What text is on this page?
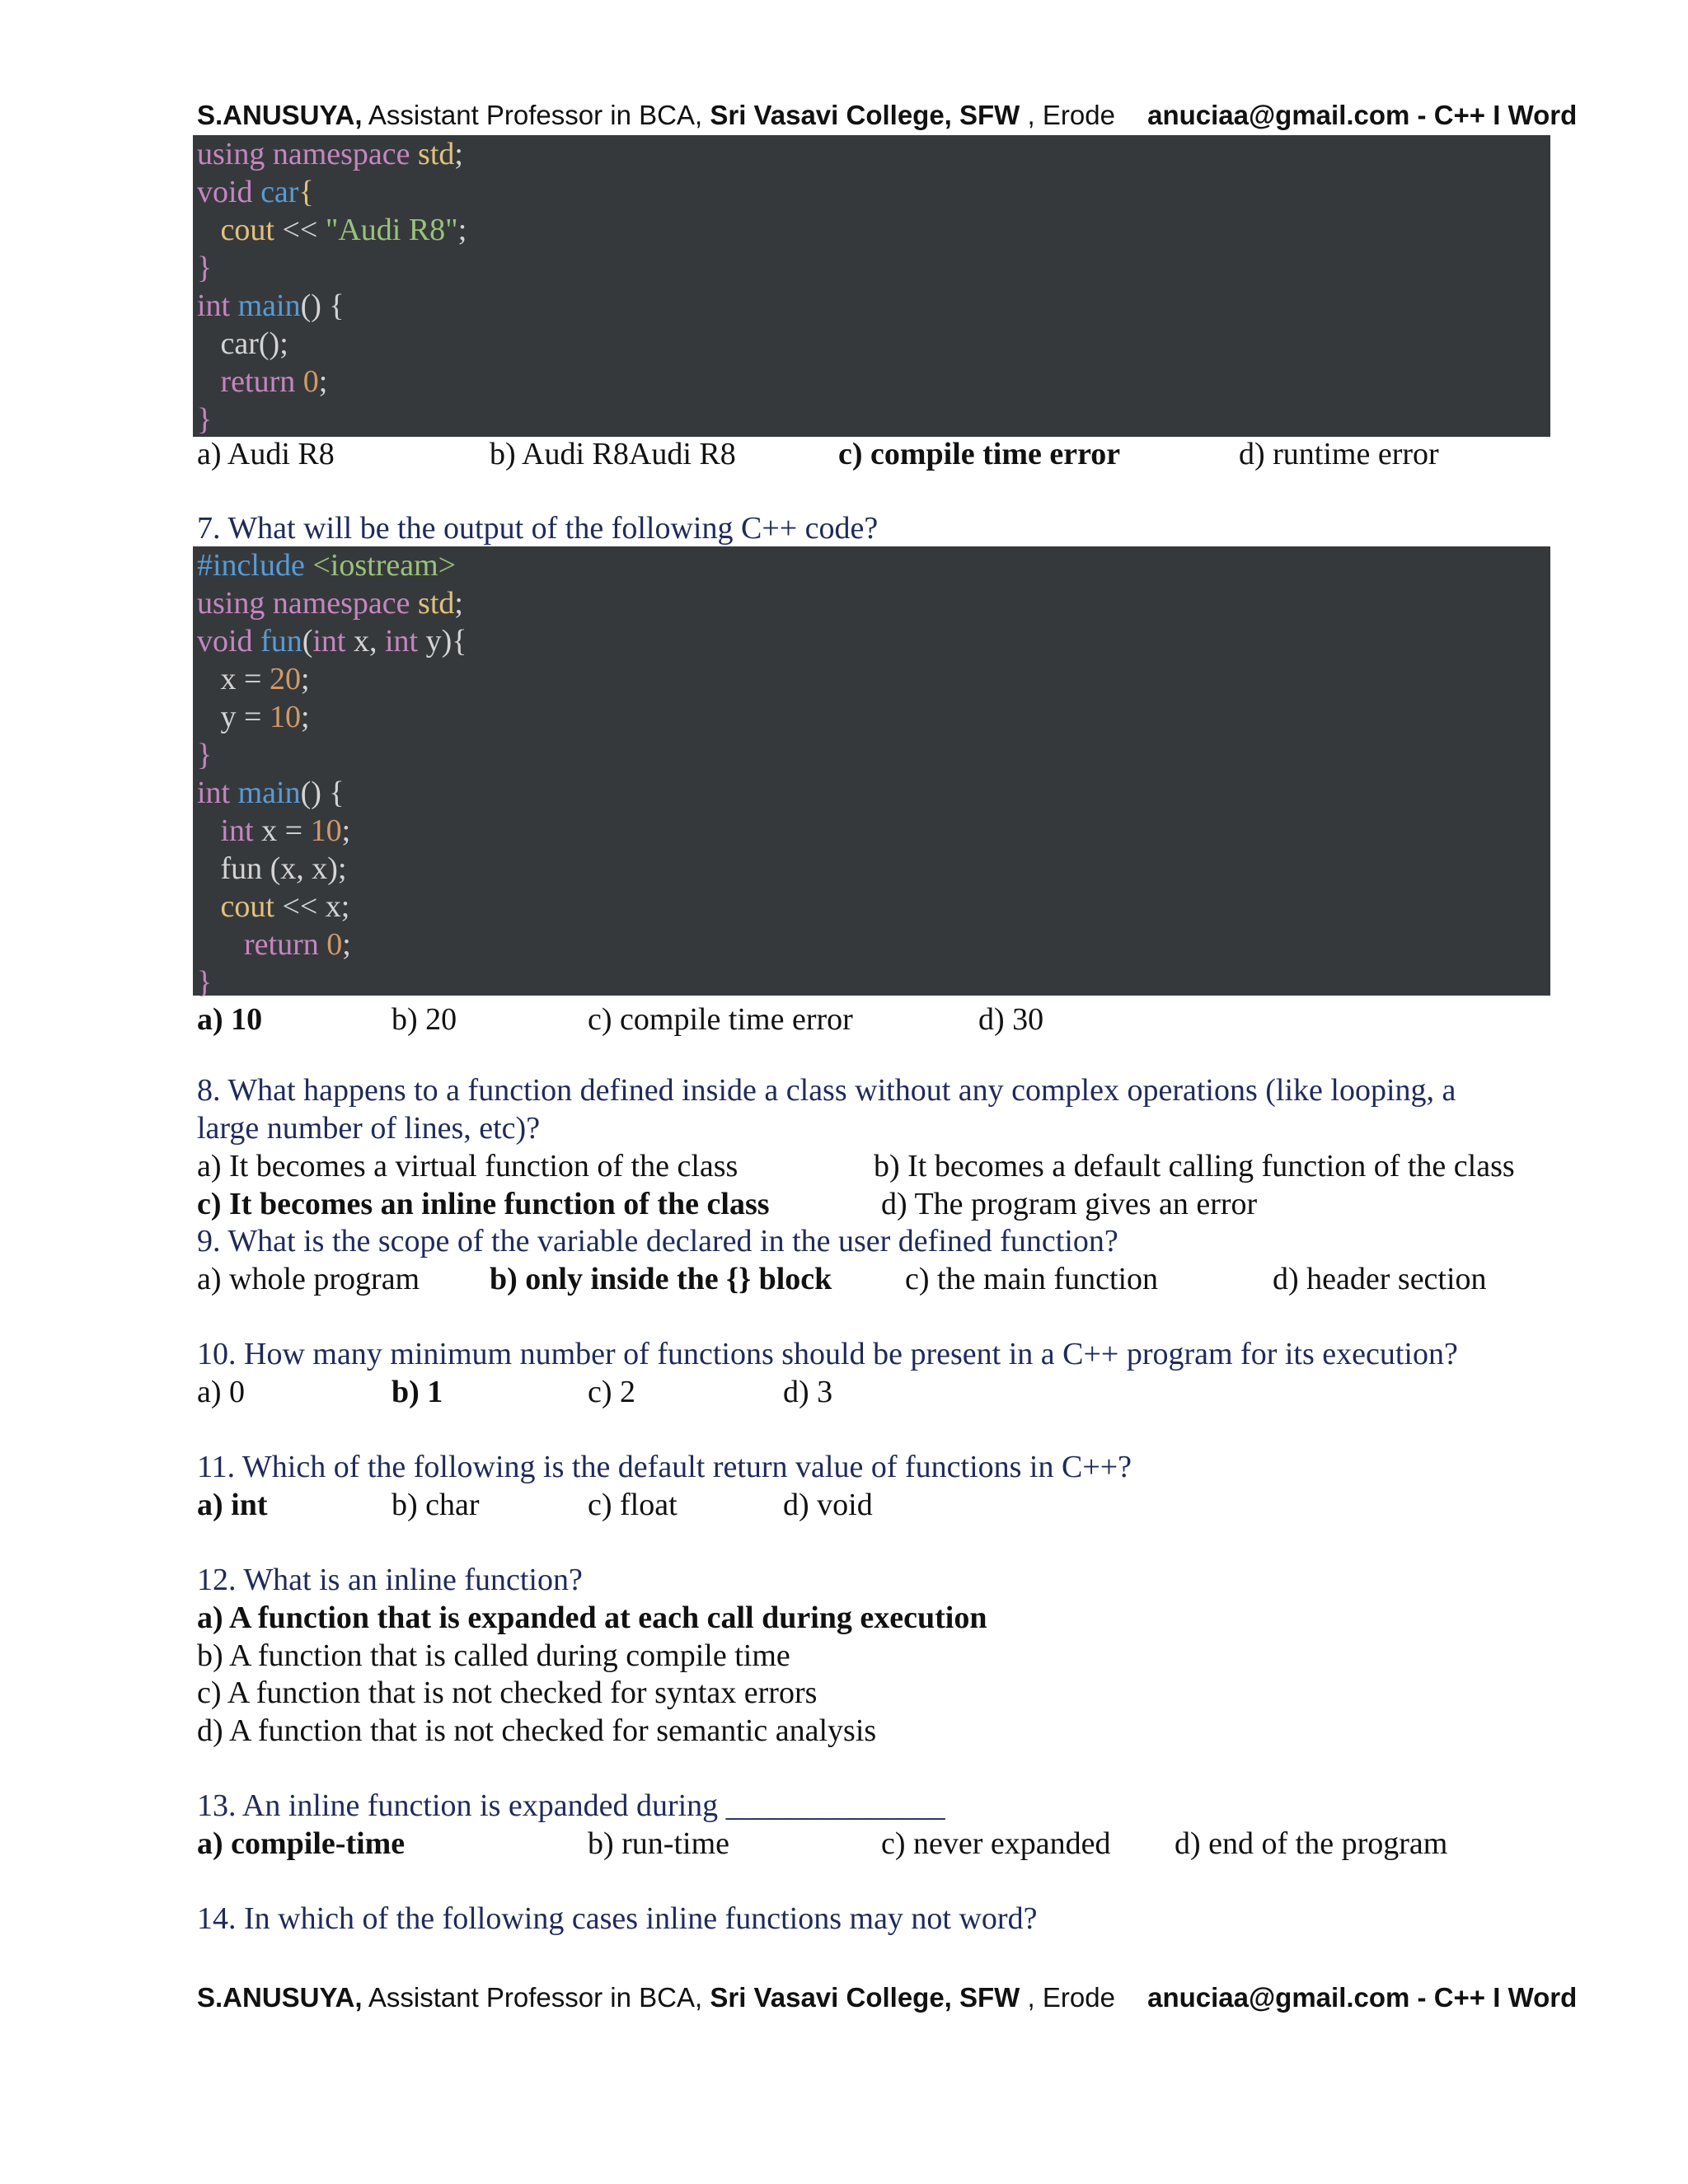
S.ANUSUYA, Assistant Professor in BCA, Sri Vasavi College, SFW , Erode anuciaa@gmail.com - C++ I Word
using namespace std;
void car{
cout << "Audi R8";
}
int main() {
car();
return 0;
}
a) Audi R8	b) Audi R8Audi R8	c) compile time error	d) runtime error
7. What will be the output of the following C++ code?
#include <iostream>
using namespace std;
void fun(int x, int y){
x = 20;
y = 10;
}
int main() {
int x = 10;
fun (x, x);
cout << x;
return 0;
}
a) 10	b) 20	c) compile time error	d) 30
8. What happens to a function defined inside a class without any complex operations (like looping, a
large number of lines, etc)?
a) It becomes a virtual function of the class	b) It becomes a default calling function of the class
c) It becomes an inline function of the class	d) The program gives an error
9. What is the scope of the variable declared in the user defined function?
a) whole program b) only inside the {} block c) the main function	d) header section
10. How many minimum number of functions should be present in a C++ program for its execution?
a) 0	b) 1	c) 2	d) 3
11. Which of the following is the default return value of functions in C++?
a) int	b) char	c) float	d) void
12. What is an inline function?
a) A function that is expanded at each call during execution
b) A function that is called during compile time
c) A function that is not checked for syntax errors
d) A function that is not checked for semantic analysis
13. An inline function is expanded during ______________
a) compile-time	b) run-time	c) never expanded d) end of the program
14. In which of the following cases inline functions may not word?
S.ANUSUYA, Assistant Professor in BCA, Sri Vasavi College, SFW , Erode anuciaa@gmail.com - C++ I Word
